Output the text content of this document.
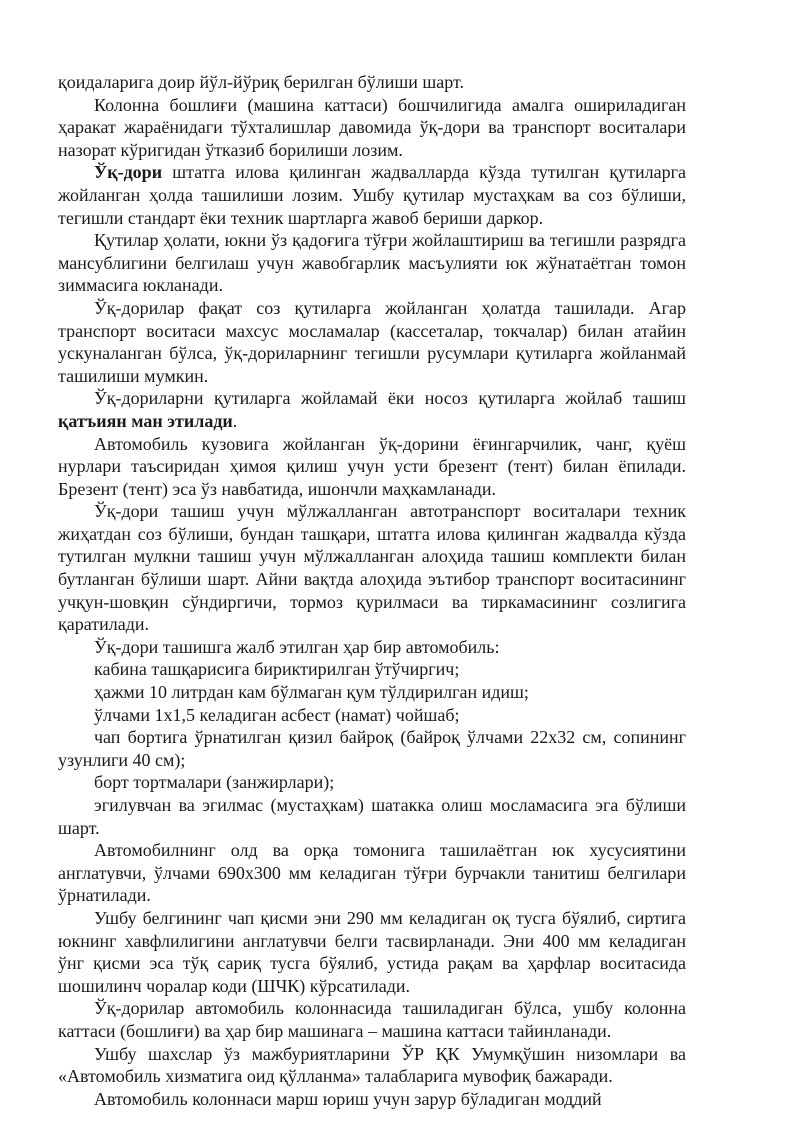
қоидаларига доир йўл-йўриқ берилган бўлиши шарт.

Колонна бошлиғи (машина каттаси) бошчилигида амалга ошириладиган ҳаракат жараёнидаги тўхталишлар давомида ўқ-дори ва транспорт воситалари назорат кўригидан ўтказиб борилиши лозим.

Ўқ-дори штатга илова қилинган жадвалларда кўзда тутилган қутиларга жойланган ҳолда ташилиши лозим. Ушбу қутилар мустаҳкам ва соз бўлиши, тегишли стандарт ёки техник шартларга жавоб бериши даркор.

Қутилар ҳолати, юкни ўз қадоғига тўғри жойлаштириш ва тегишли разрядга мансублигини белгилаш учун жавобгарлик масъулияти юк жўнатаётган томон зиммасига юкланади.

Ўқ-дорилар фақат соз қутиларга жойланган ҳолатда ташилади. Агар транспорт воситаси махсус мосламалар (кассеталар, токчалар) билан атайин ускуналанган бўлса, ўқ-дориларнинг тегишли русумлари қутиларга жойланмай ташилиши мумкин.

Ўқ-дориларни қутиларга жойламай ёки носоз қутиларга жойлаб ташиш қатъиян ман этилади.

Автомобиль кузовига жойланган ўқ-дорини ёғингарчилик, чанг, қуёш нурлари таъсиридан ҳимоя қилиш учун усти брезент (тент) билан ёпилади. Брезент (тент) эса ўз навбатида, ишончли маҳкамланади.

Ўқ-дори ташиш учун мўлжалланган автотранспорт воситалари техник жиҳатдан соз бўлиши, бундан ташқари, штатга илова қилинган жадвалда кўзда тутилган мулкни ташиш учун мўлжалланган алоҳида ташиш комплекти билан бутланган бўлиши шарт. Айни вақтда алоҳида эътибор транспорт воситасининг учқун-шовқин сўндиргичи, тормоз қурилмаси ва тиркамасининг созлигига қаратилади.

Ўқ-дори ташишга жалб этилган ҳар бир автомобиль:

кабина ташқарисига бириктирилган ўтўчиргич;

ҳажми 10 литрдан кам бўлмаган қум тўлдирилган идиш;

ўлчами 1х1,5 келадиган асбест (намат) чойшаб;

чап бортига ўрнатилган қизил байроқ (байроқ ўлчами 22х32 см, сопининг узунлиги 40 см);

борт тортмалари (занжирлари);

эгилувчан ва эгилмас (мустаҳкам) шатакка олиш мосламасига эга бўлиши шарт.

Автомобилнинг олд ва орқа томонига ташилаётган юк хусусиятини англатувчи, ўлчами 690х300 мм келадиган тўғри бурчакли танитиш белгилари ўрнатилади.

Ушбу белгининг чап қисми эни 290 мм келадиган оқ тусга бўялиб, сиртига юкнинг хавфлилигини англатувчи белги тасвирланади. Эни 400 мм келадиган ўнг қисми эса тўқ сариқ тусга бўялиб, устида рақам ва ҳарфлар воситасида шошилинч чоралар коди (ШЧК) кўрсатилади.

Ўқ-дорилар автомобиль колоннасида ташиладиган бўлса, ушбу колонна каттаси (бошлиғи) ва ҳар бир машинага – машина каттаси тайинланади.

Ушбу шахслар ўз мажбуриятларини ЎР ҚК Умумқўшин низомлари ва «Автомобиль хизматига оид қўлланма» талабларига мувофиқ бажаради.

Автомобиль колоннаси марш юриш учун зарур бўладиган моддий
